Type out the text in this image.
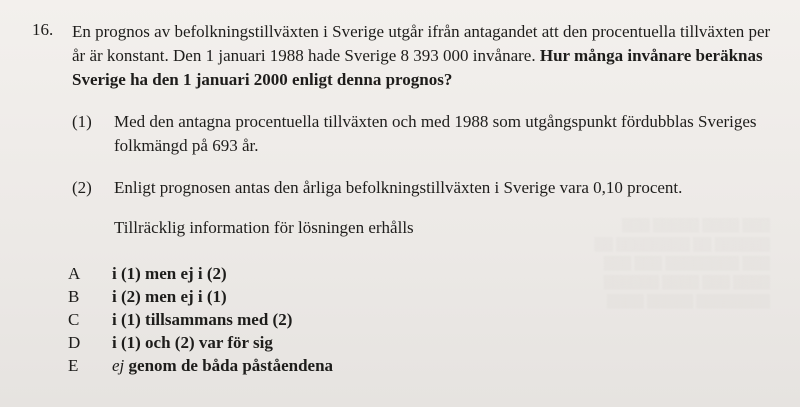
▒▒▒ ▒▒▒▒ ▒▒▒▒▒ ▒▒▒
▒▒▒▒▒▒ ▒▒ ▒▒▒▒▒▒▒▒ ▒▒
▒▒▒ ▒▒▒▒▒▒▒▒ ▒▒▒ ▒▒▒
▒▒▒▒ ▒▒▒ ▒▒▒▒ ▒▒▒▒▒▒
▒▒▒▒▒▒▒▒ ▒▒▒▒▒ ▒▒▒▒
16. En prognos av befolkningstillväxten i Sverige utgår ifrån antagandet att den procentuella tillväxten per år är konstant. Den 1 januari 1988 hade Sverige 8 393 000 invånare. Hur många invånare beräknas Sverige ha den 1 januari 2000 enligt denna prognos?
(1) Med den antagna procentuella tillväxten och med 1988 som utgångspunkt fördubblas Sveriges folkmängd på 693 år.
(2) Enligt prognosen antas den årliga befolkningstillväxten i Sverige vara 0,10 procent.
Tillräcklig information för lösningen erhålls
A i (1) men ej i (2)
B i (2) men ej i (1)
C i (1) tillsammans med (2)
D i (1) och (2) var för sig
E ej genom de båda påståendena
